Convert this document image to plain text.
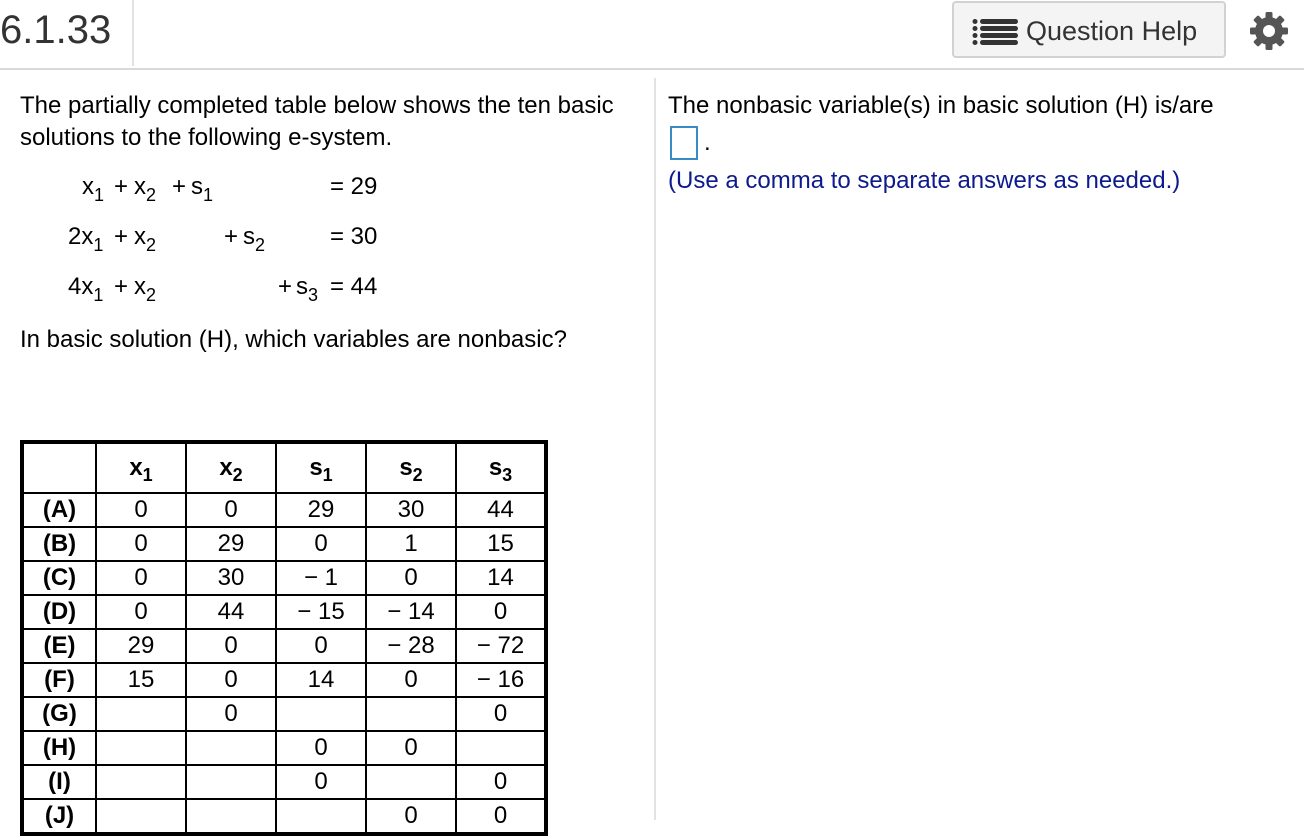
6.1.33	Question Help
The partially completed table below shows the ten basic solutions to the following e-system.
$x_1 + x_2 + s_1$	= 29
$2x_1 + x_2$	+ $s_2$	= 30
$4x_1 + x_2$	+ $s_3 = 44$
In basic solution (H), which variables are nonbasic?
	$x_1$	$x_2$	$s_1$	$s_2$	$s_3$
(A)	0	0	29	30	44
(B)	0	29	0	1	15
(C)	0	30	− 1	0	14
(D)	0	44	− 15	− 14	0
(E)	29	0	0	− 28	− 72
(F)	15	0	14	0	− 16
(G)		0			0
(H)			0	0	
(I)			0		0
(J)				0	0
The nonbasic variable(s) in basic solution (H) is/are
.
(Use a comma to separate answers as needed.)
